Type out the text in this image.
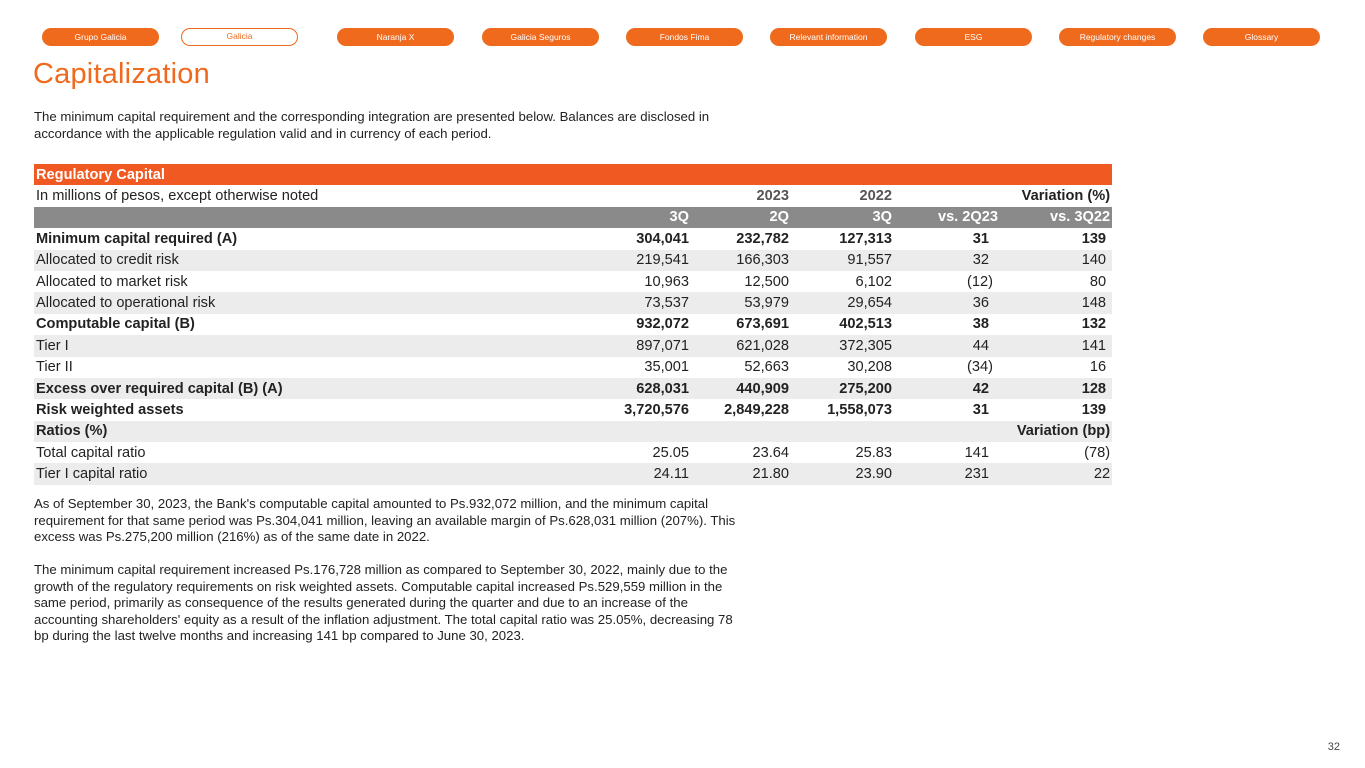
Grupo Galicia	Galicia	Naranja X	Galicia Seguros	Fondos Fima	Relevant information	ESG	Regulatory changes	Glossary
Capitalization
The minimum capital requirement and the corresponding integration are presented below. Balances are disclosed in accordance with the applicable regulation valid and in currency of each period.
Regulatory Capital					
In millions of pesos, except otherwise noted		2023	2022	Variation (%)	
	3Q	2Q	3Q	vs. 2Q23	vs. 3Q22
Minimum capital required (A)	304,041	232,782	127,313	31	139
Allocated to credit risk	219,541	166,303	91,557	32	140
Allocated to market risk	10,963	12,500	6,102	(12)	80
Allocated to operational risk	73,537	53,979	29,654	36	148
Computable capital (B)	932,072	673,691	402,513	38	132
Tier I	897,071	621,028	372,305	44	141
Tier II	35,001	52,663	30,208	(34)	16
Excess over required capital (B) (A)	628,031	440,909	275,200	42	128
Risk weighted assets	3,720,576	2,849,228	1,558,073	31	139
Ratios (%)				Variation (bp)	
Total capital ratio	25.05	23.64	25.83	141	(78)
Tier I capital ratio	24.11	21.80	23.90	231	22
As of September 30, 2023, the Bank's computable capital amounted to Ps.932,072 million, and the minimum capital requirement for that same period was Ps.304,041 million, leaving an available margin of Ps.628,031 million (207%). This excess was Ps.275,200 million (216%) as of the same date in 2022.
The minimum capital requirement increased Ps.176,728 million as compared to September 30, 2022, mainly due to the growth of the regulatory requirements on risk weighted assets. Computable capital increased Ps.529,559 million in the same period, primarily as consequence of the results generated during the quarter and due to an increase of the accounting shareholders' equity as a result of the inflation adjustment. The total capital ratio was 25.05%, decreasing 78 bp during the last twelve months and increasing 141 bp compared to June 30, 2023.
32
